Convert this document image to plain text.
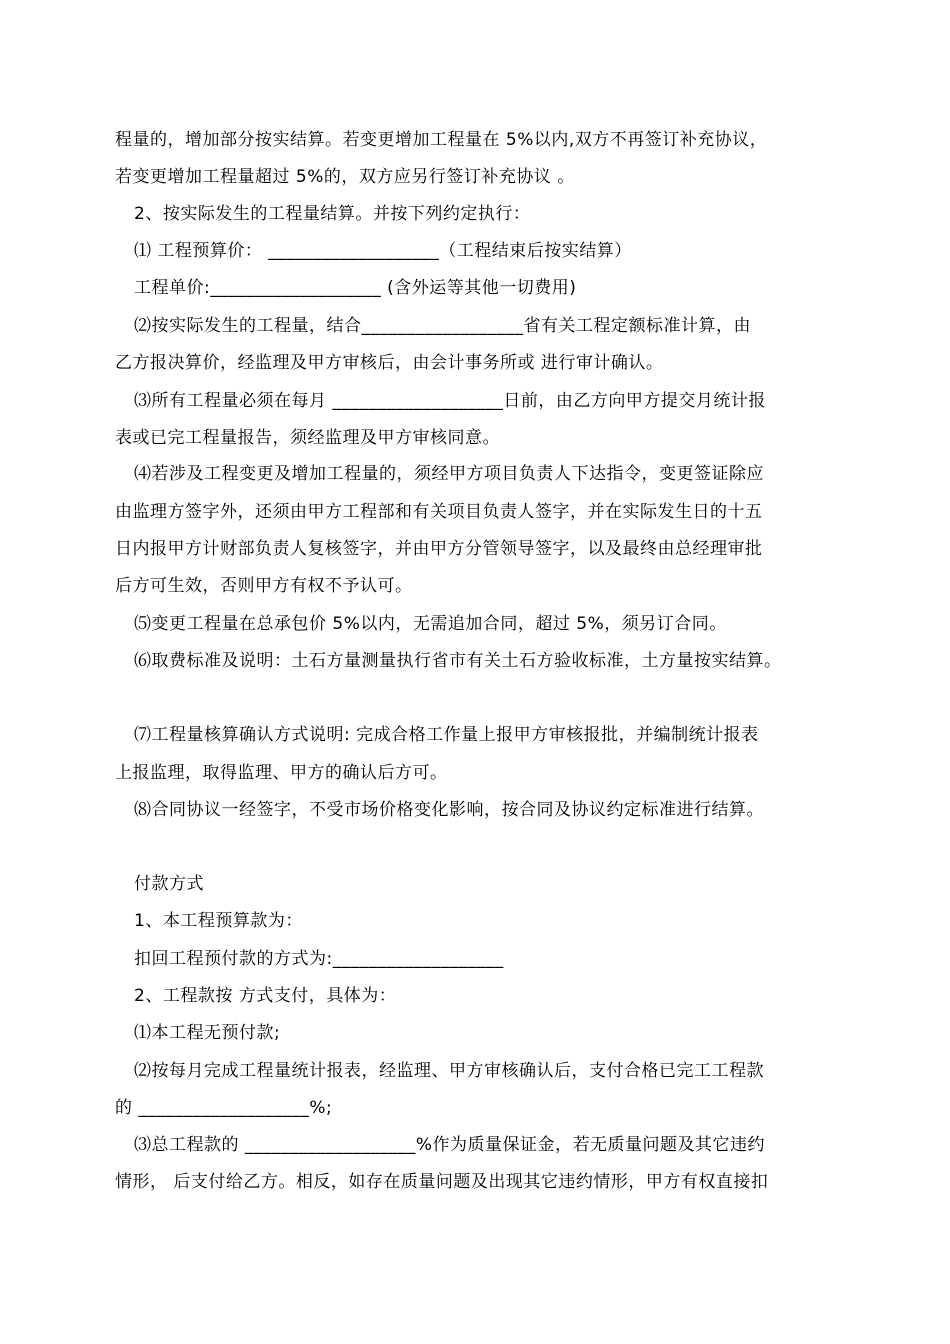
程量的，增加部分按实结算。若变更增加工程量在 5%以内,双方不再签订补充协议，
若变更增加工程量超过 5%的，双方应另行签订补充协议 。
2、按实际发生的工程量结算。并按下列约定执行：
⑴ 工程预算价： ___________________（工程结束后按实结算）
工程单价:___________________ (含外运等其他一切费用)
⑵按实际发生的工程量，结合__________________省有关工程定额标准计算，由
乙方报决算价，经监理及甲方审核后，由会计事务所或 进行审计确认。
⑶所有工程量必须在每月 ___________________日前，由乙方向甲方提交月统计报
表或已完工程量报告，须经监理及甲方审核同意。
⑷若涉及工程变更及增加工程量的，须经甲方项目负责人下达指令，变更签证除应
由监理方签字外，还须由甲方工程部和有关项目负责人签字，并在实际发生日的十五
日内报甲方计财部负责人复核签字，并由甲方分管领导签字，以及最终由总经理审批
后方可生效，否则甲方有权不予认可。
⑸变更工程量在总承包价 5%以内，无需追加合同，超过 5%，须另订合同。
⑹取费标准及说明：土石方量测量执行省市有关土石方验收标准，土方量按实结算。
⑺工程量核算确认方式说明: 完成合格工作量上报甲方审核报批，并编制统计报表
上报监理，取得监理、甲方的确认后方可。
⑻合同协议一经签字，不受市场价格变化影响，按合同及协议约定标准进行结算。
付款方式
1、本工程预算款为：
扣回工程预付款的方式为:___________________
2、工程款按 方式支付，具体为：
⑴本工程无预付款;
⑵按每月完成工程量统计报表，经监理、甲方审核确认后，支付合格已完工工程款
的 ___________________%;
⑶总工程款的 ___________________%作为质量保证金，若无质量问题及其它违约
情形， 后支付给乙方。相反，如存在质量问题及出现其它违约情形，甲方有权直接扣
